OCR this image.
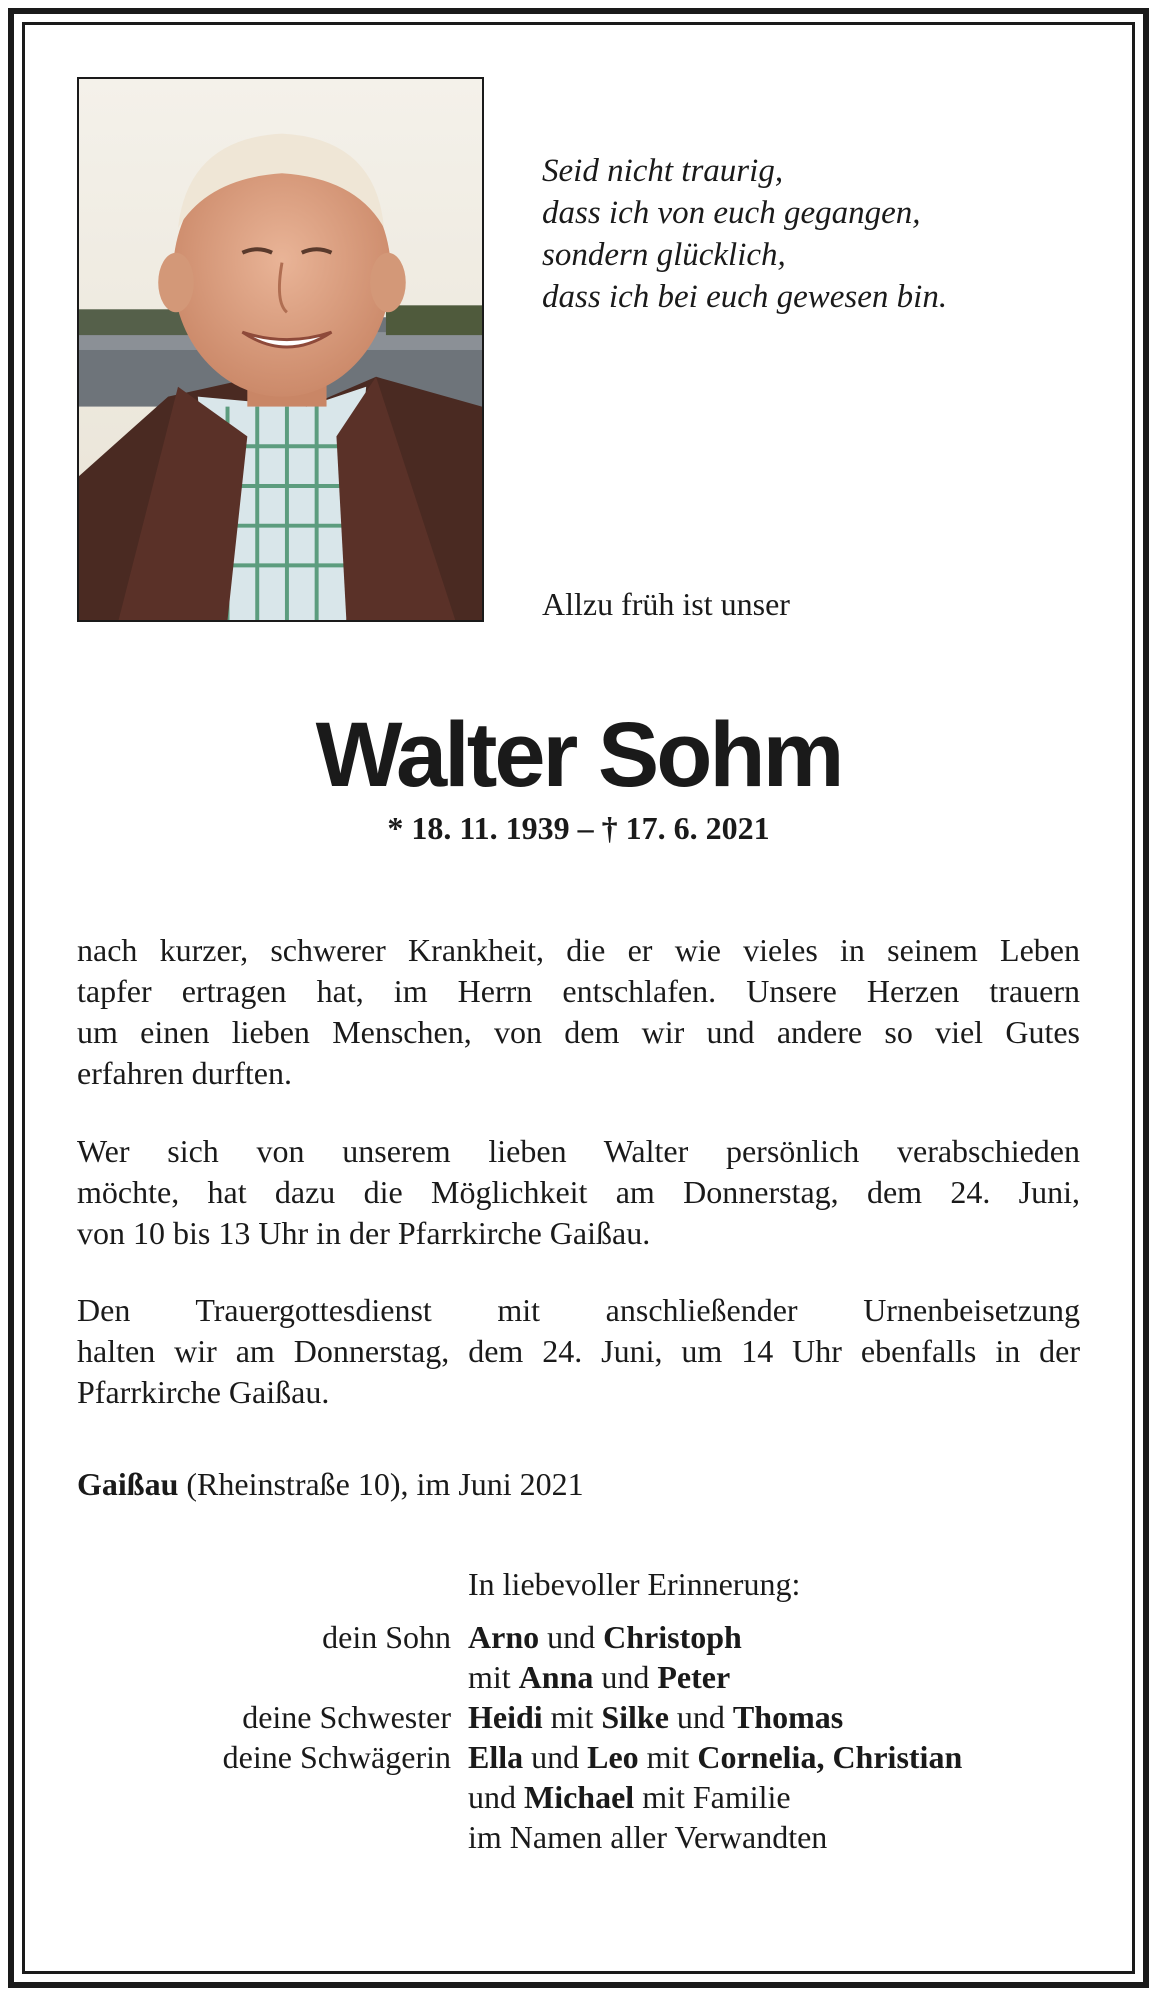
Seid nicht traurig,
dass ich von euch gegangen,
sondern glücklich,
dass ich bei euch gewesen bin.
Allzu früh ist unser
Walter Sohm
* 18. 11. 1939 – † 17. 6. 2021
nach kurzer, schwerer Krankheit, die er wie vieles in seinem Leben
tapfer ertragen hat, im Herrn entschlafen. Unsere Herzen trauern
um einen lieben Menschen, von dem wir und andere so viel Gutes
erfahren durften.
Wer sich von unserem lieben Walter persönlich verabschieden
möchte, hat dazu die Möglichkeit am Donnerstag, dem 24. Juni,
von 10 bis 13 Uhr in der Pfarrkirche Gaißau.
Den Trauergottesdienst mit anschließender Urnenbeisetzung
halten wir am Donnerstag, dem 24. Juni, um 14 Uhr ebenfalls in der
Pfarrkirche Gaißau.
Gaißau (Rheinstraße 10), im Juni 2021
In liebevoller Erinnerung:
dein Sohn Arno und Christoph
mit Anna und Peter
deine Schwester Heidi mit Silke und Thomas
deine Schwägerin Ella und Leo mit Cornelia, Christian
und Michael mit Familie
im Namen aller Verwandten
